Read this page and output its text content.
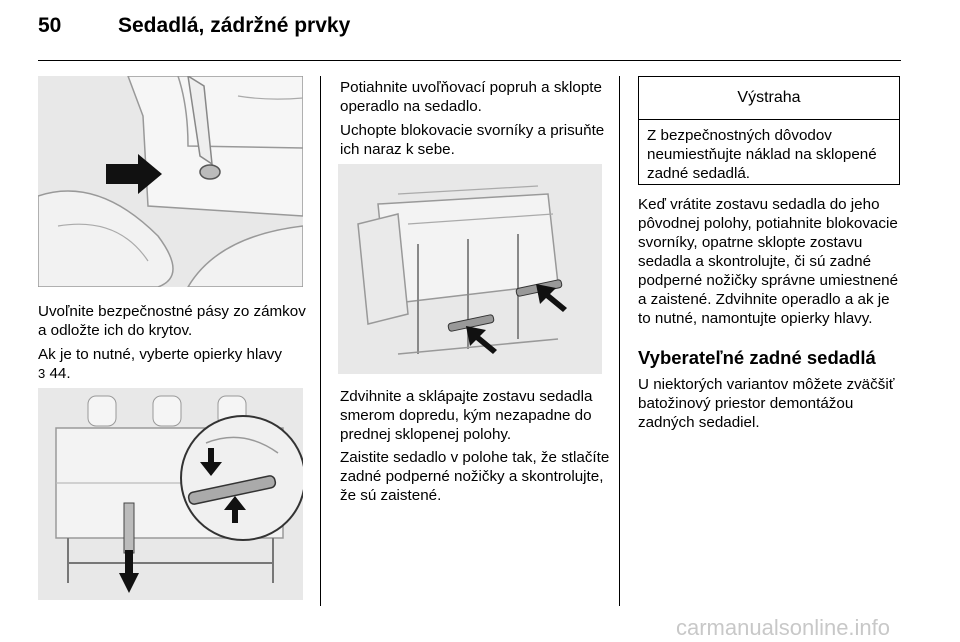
50	Sedadlá, zádržné prvky

Uvoľnite bezpečnostné pásy zo zámkov a odložte ich do krytov.

Ak je to nutné, vyberte opierky hlavy
3 44.

Potiahnite uvoľňovací popruh a sklopte operadlo na sedadlo.

Uchopte blokovacie svorníky a prisuňte ich naraz k sebe.

Zdvihnite a sklápajte zostavu sedadla smerom dopredu, kým nezapadne do prednej sklopenej polohy.

Zaistite sedadlo v polohe tak, že stlačíte zadné podperné nožičky a skontrolujte, že sú zaistené.

Výstraha
Z bezpečnostných dôvodov neumiestňujte náklad na sklopené zadné sedadlá.

Keď vrátite zostavu sedadla do jeho pôvodnej polohy, potiahnite blokovacie svorníky, opatrne sklopte zostavu sedadla a skontrolujte, či sú zadné podperné nožičky správne umiestnené a zaistené. Zdvihnite operadlo a ak je to nutné, namontujte opierky hlavy.

Vyberateľné zadné sedadlá

U niektorých variantov môžete zväčšiť batožinový priestor demontážou zadných sedadiel.

carmanualsonline.info
